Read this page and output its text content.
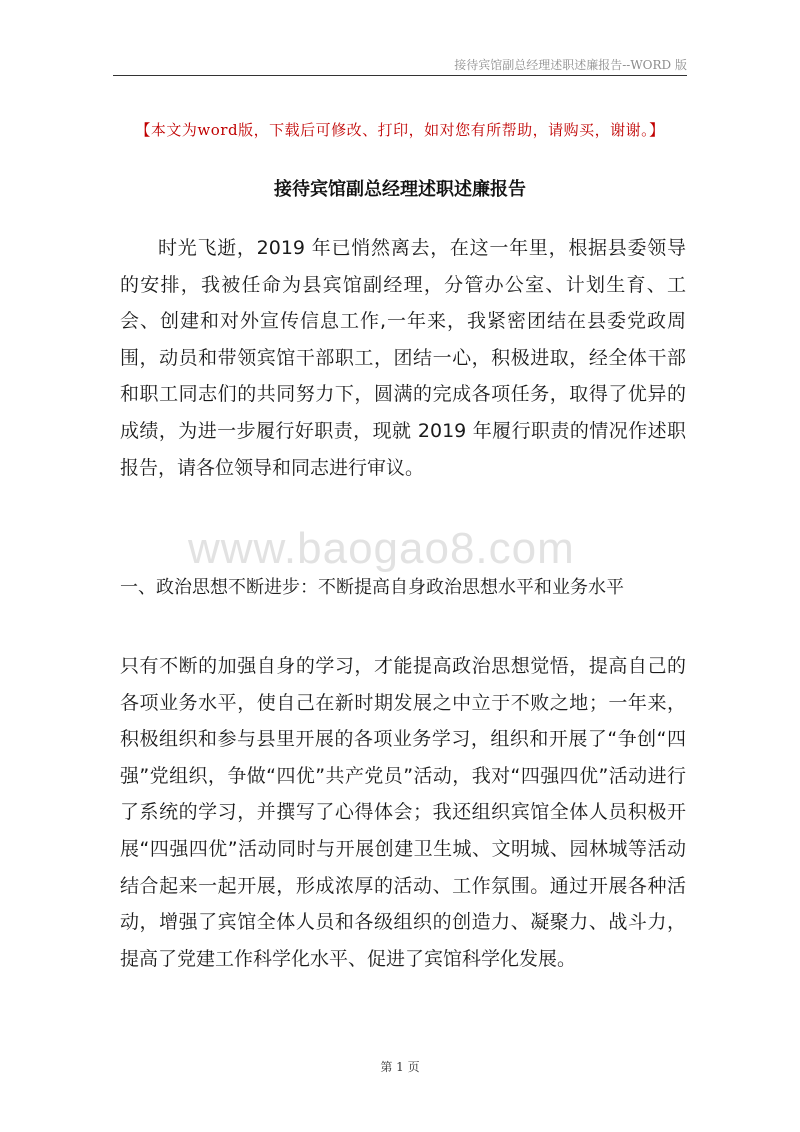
接待宾馆副总经理述职述廉报告--WORD 版
【本文为word版，下载后可修改、打印，如对您有所帮助，请购买，谢谢。】
接待宾馆副总经理述职述廉报告

时光飞逝，2019 年已悄然离去，在这一年里，根据县委领导的安排，我被任命为县宾馆副经理，分管办公室、计划生育、工会、创建和对外宣传信息工作,一年来，我紧密团结在县委党政周围，动员和带领宾馆干部职工，团结一心，积极进取，经全体干部和职工同志们的共同努力下，圆满的完成各项任务，取得了优异的成绩，为进一步履行好职责，现就 2019 年履行职责的情况作述职报告，请各位领导和同志进行审议。

www.baogao8.com
一、政治思想不断进步：不断提高自身政治思想水平和业务水平

只有不断的加强自身的学习，才能提高政治思想觉悟，提高自己的各项业务水平，使自己在新时期发展之中立于不败之地；一年来，积极组织和参与县里开展的各项业务学习，组织和开展了“争创“四强”党组织，争做“四优”共产党员”活动，我对“四强四优”活动进行了系统的学习，并撰写了心得体会；我还组织宾馆全体人员积极开展“四强四优”活动同时与开展创建卫生城、文明城、园林城等活动结合起来一起开展，形成浓厚的活动、工作氛围。通过开展各种活动，增强了宾馆全体人员和各级组织的创造力、凝聚力、战斗力，提高了党建工作科学化水平、促进了宾馆科学化发展。

第 1 页
